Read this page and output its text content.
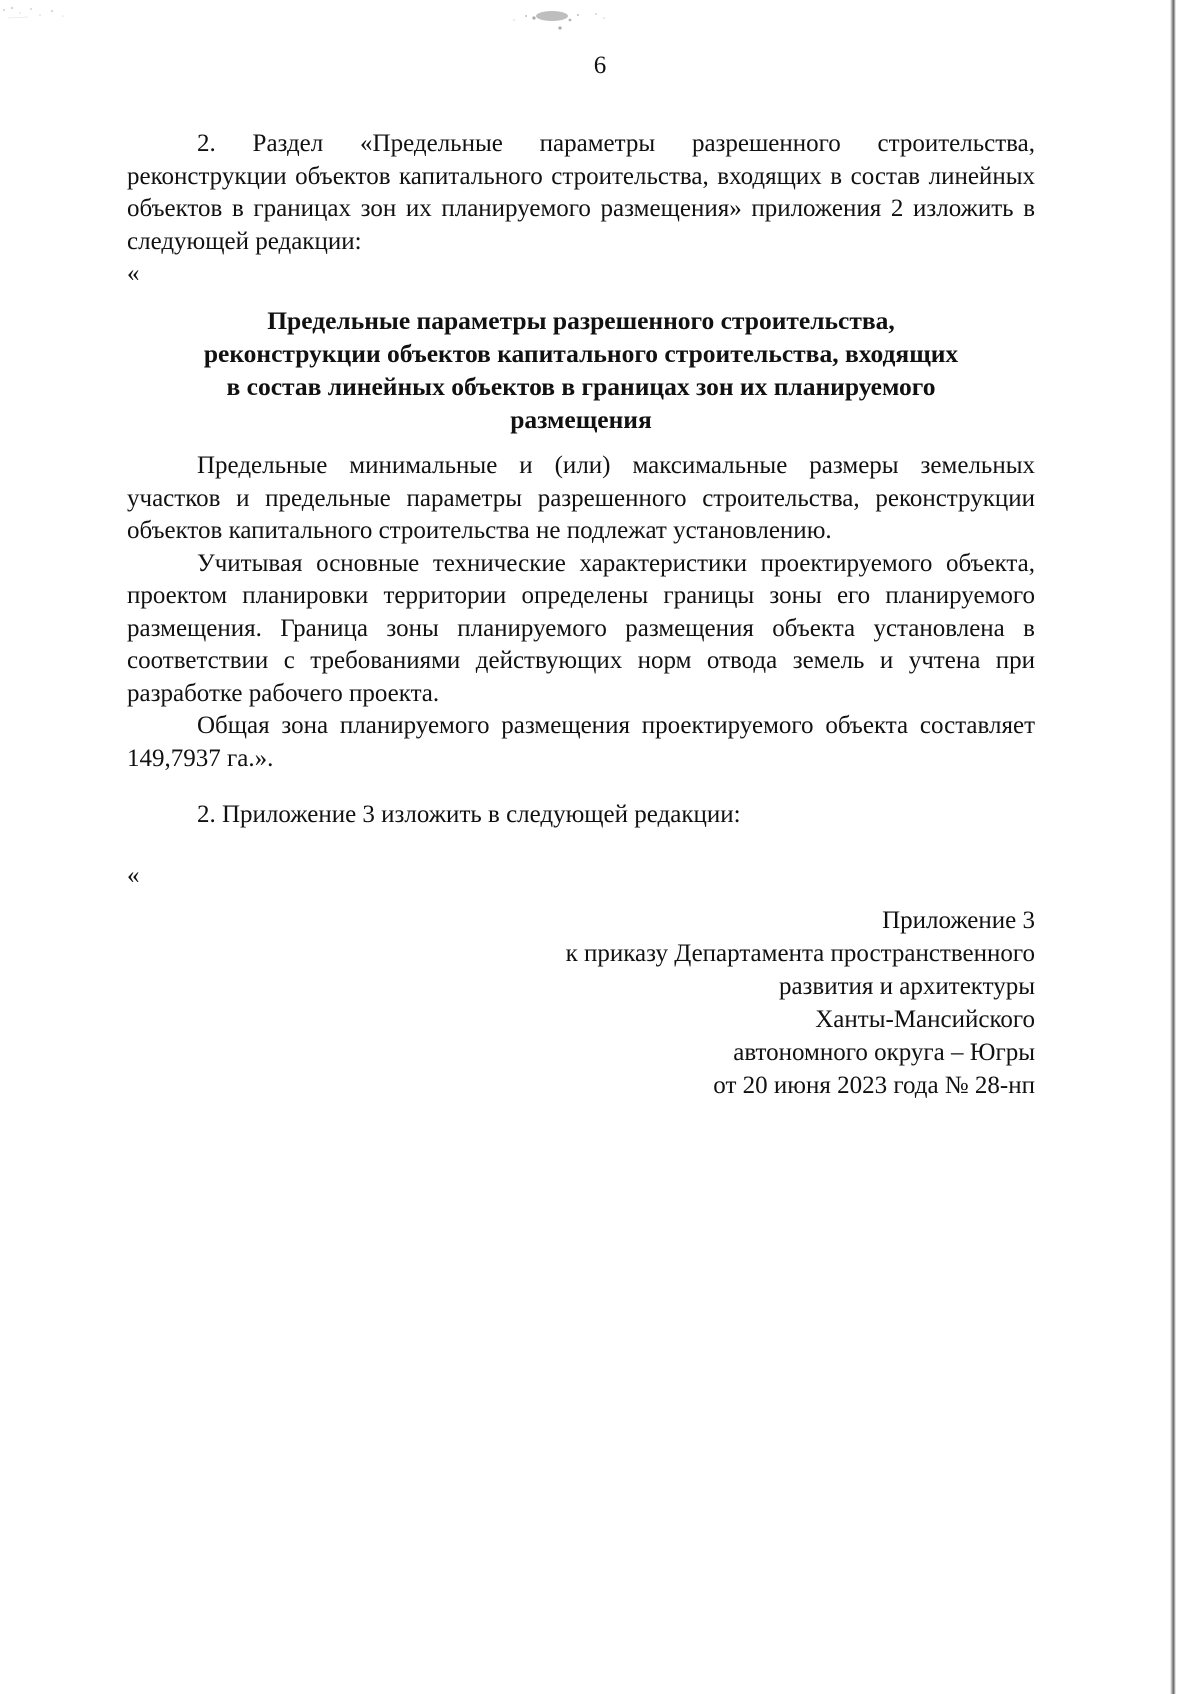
6

2. Раздел «Предельные параметры разрешенного строительства, реконструкции объектов капитального строительства, входящих в состав линейных объектов в границах зон их планируемого размещения» приложения 2 изложить в следующей редакции:

«

Предельные параметры разрешенного строительства,
реконструкции объектов капитального строительства, входящих
в состав линейных объектов в границах зон их планируемого
размещения

Предельные минимальные и (или) максимальные размеры земельных участков и предельные параметры разрешенного строительства, реконструкции объектов капитального строительства не подлежат установлению.

Учитывая основные технические характеристики проектируемого объекта, проектом планировки территории определены границы зоны его планируемого размещения. Граница зоны планируемого размещения объекта установлена в соответствии с требованиями действующих норм отвода земель и учтена при разработке рабочего проекта.

Общая зона планируемого размещения проектируемого объекта составляет 149,7937 га.».

2. Приложение 3 изложить в следующей редакции:

«

Приложение 3
к приказу Департамента пространственного
развития и архитектуры
Ханты-Мансийского
автономного округа – Югры
от 20 июня 2023 года № 28-нп
